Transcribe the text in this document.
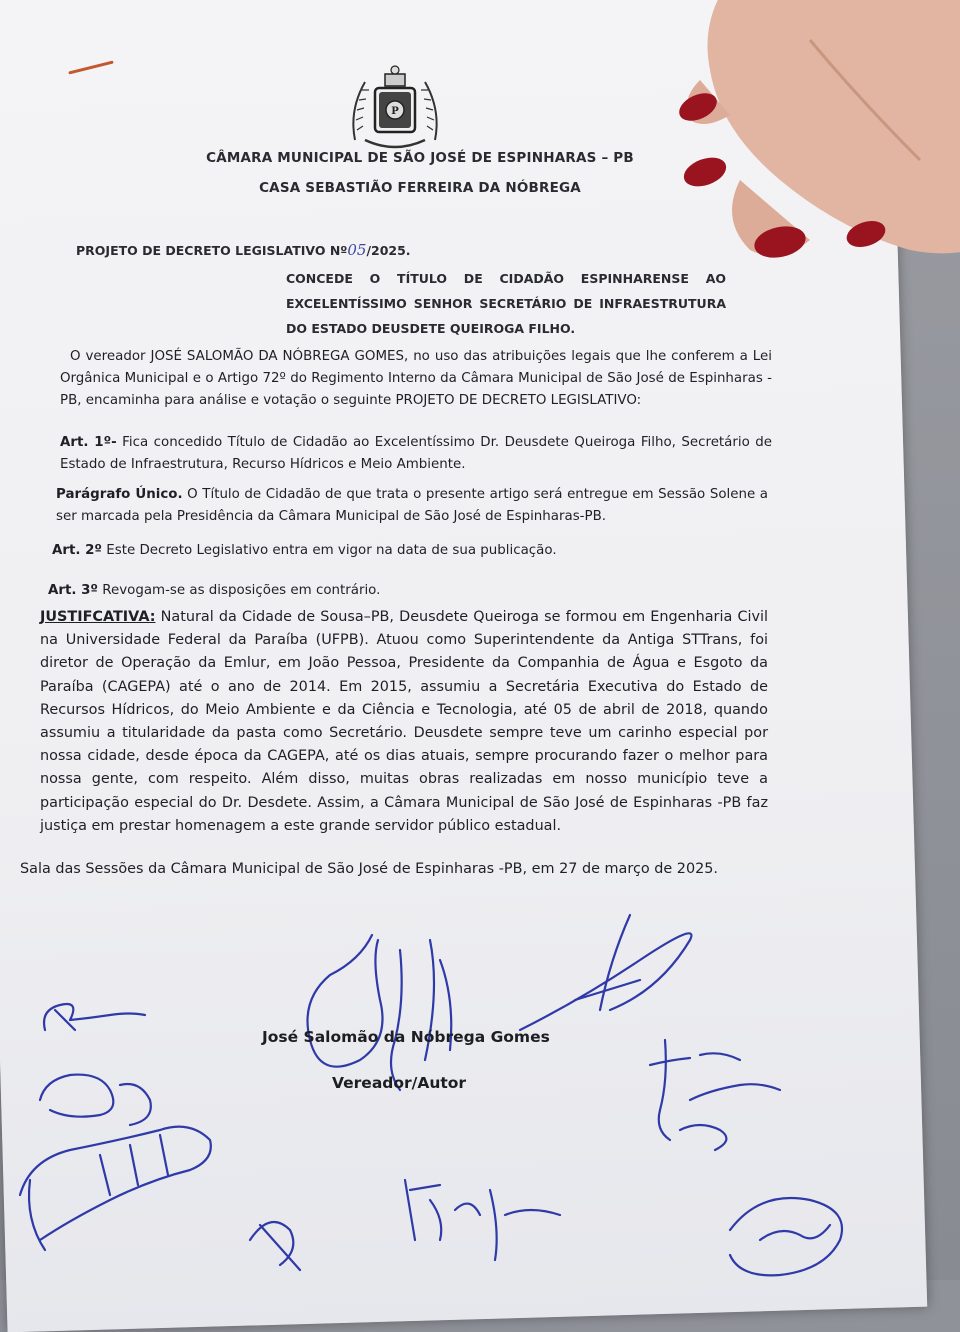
P
CÂMARA MUNICIPAL DE SÃO JOSÉ DE ESPINHARAS – PB
CASA SEBASTIÃO FERREIRA DA NÓBREGA
PROJETO DE DECRETO LEGISLATIVO Nº05/2025.
CONCEDE O TÍTULO DE CIDADÃO ESPINHARENSE AO EXCELENTÍSSIMO SENHOR SECRETÁRIO DE INFRAESTRUTURA DO ESTADO DEUSDETE QUEIROGA FILHO.
O vereador JOSÉ SALOMÃO DA NÓBREGA GOMES, no uso das atribuições legais que lhe conferem a Lei Orgânica Municipal e o Artigo 72º do Regimento Interno da Câmara Municipal de São José de Espinharas - PB, encaminha para análise e votação o seguinte PROJETO DE DECRETO LEGISLATIVO:
Art. 1º- Fica concedido Título de Cidadão ao Excelentíssimo Dr. Deusdete Queiroga Filho, Secretário de Estado de Infraestrutura, Recurso Hídricos e Meio Ambiente.
Parágrafo Único. O Título de Cidadão de que trata o presente artigo será entregue em Sessão Solene a ser marcada pela Presidência da Câmara Municipal de São José de Espinharas-PB.
Art. 2º Este Decreto Legislativo entra em vigor na data de sua publicação.
Art. 3º Revogam-se as disposições em contrário.
JUSTIFCATIVA: Natural da Cidade de Sousa–PB, Deusdete Queiroga se formou em Engenharia Civil na Universidade Federal da Paraíba (UFPB). Atuou como Superintendente da Antiga STTrans, foi diretor de Operação da Emlur, em João Pessoa, Presidente da Companhia de Água e Esgoto da Paraíba (CAGEPA) até o ano de 2014. Em 2015, assumiu a Secretária Executiva do Estado de Recursos Hídricos, do Meio Ambiente e da Ciência e Tecnologia, até 05 de abril de 2018, quando assumiu a titularidade da pasta como Secretário. Deusdete sempre teve um carinho especial por nossa cidade, desde época da CAGEPA, até os dias atuais, sempre procurando fazer o melhor para nossa gente, com respeito. Além disso, muitas obras realizadas em nosso município teve a participação especial do Dr. Desdete. Assim, a Câmara Municipal de São José de Espinharas -PB faz justiça em prestar homenagem a este grande servidor público estadual.
Sala das Sessões da Câmara Municipal de São José de Espinharas -PB, em 27 de março de 2025.
José Salomão da Nóbrega Gomes
Vereador/Autor
